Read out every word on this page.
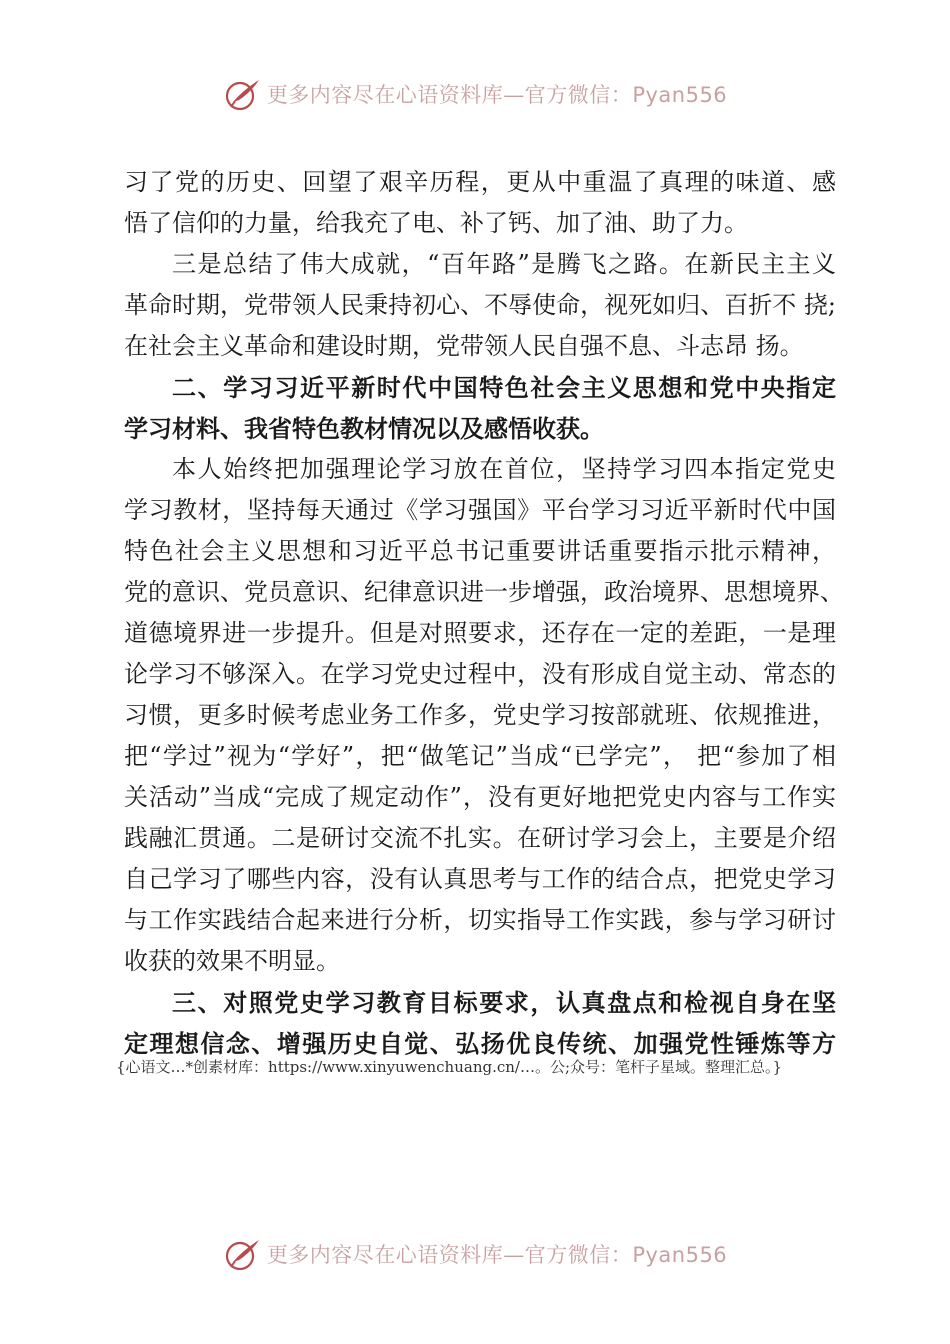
更多内容尽在心语资料库—官方微信：Pyan556
习了党的历史、回望了艰辛历程，更从中重温了真理的味道、感
悟了信仰的力量，给我充了电、补了钙、加了油、助了力。
三是总结了伟大成就，“百年路”是腾飞之路。在新民主主义
革命时期，党带领人民秉持初心、不辱使命，视死如归、百折不 挠;
在社会主义革命和建设时期，党带领人民自强不息、斗志昂 扬。
二、学习习近平新时代中国特色社会主义思想和党中央指定
学习材料、我省特色教材情况以及感悟收获。
本人始终把加强理论学习放在首位，坚持学习四本指定党史
学习教材，坚持每天通过《学习强国》平台学习习近平新时代中国
特色社会主义思想和习近平总书记重要讲话重要指示批示精神，
党的意识、党员意识、纪律意识进一步增强，政治境界、思想境界、
道德境界进一步提升。但是对照要求，还存在一定的差距，一是理
论学习不够深入。在学习党史过程中，没有形成自觉主动、常态的
习惯，更多时候考虑业务工作多，党史学习按部就班、依规推进，
把“学过”视为“学好”，把“做笔记”当成“已学完”， 把“参加了相
关活动”当成“完成了规定动作”，没有更好地把党史内容与工作实
践融汇贯通。二是研讨交流不扎实。在研讨学习会上，主要是介绍
自己学习了哪些内容，没有认真思考与工作的结合点，把党史学习
与工作实践结合起来进行分析，切实指导工作实践，参与学习研讨
收获的效果不明显。
三、对照党史学习教育目标要求，认真盘点和检视自身在坚
定理想信念、增强历史自觉、弘扬优良传统、加强党性锤炼等方
{心语文…*创素材库：https://www.xinyuwenchuang.cn/…。公;众号：笔杆子星域。整理汇总。}
更多内容尽在心语资料库—官方微信：Pyan556
